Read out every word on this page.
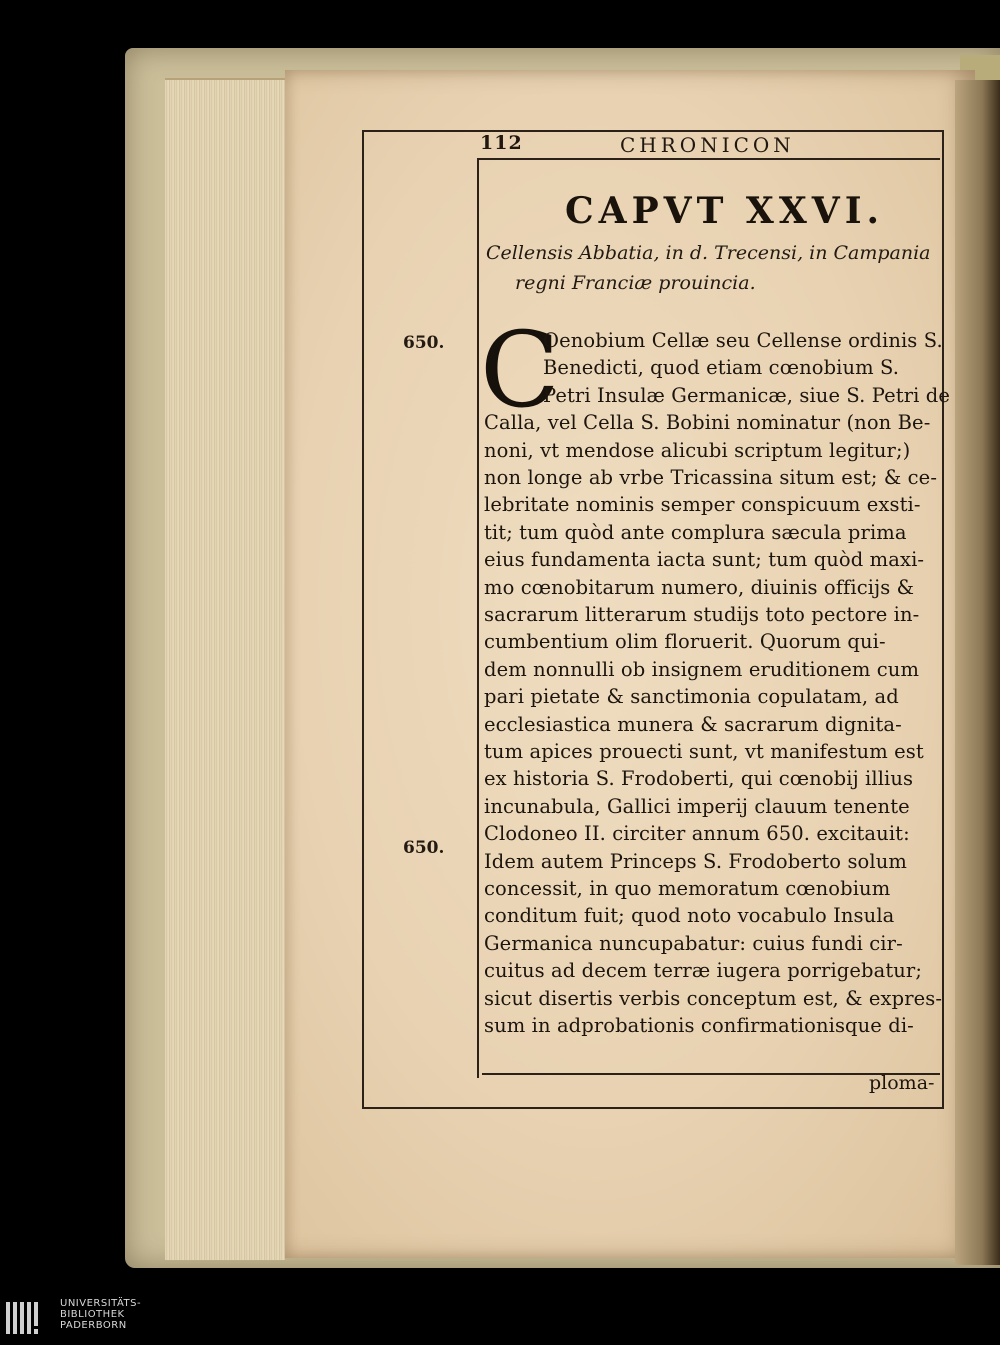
112	CHRONICON
CAPVT XXVI.
Cellensis Abbatia, in d. Trecensi, in Campania
regni Franciæ prouincia.
650.
650.
C
Oenobium Cellæ seu Cellense ordinis S.
Benedicti, quod etiam cœnobium S.
Petri Insulæ Germanicæ, siue S. Petri de
Calla, vel Cella S. Bobini nominatur (non Be-
noni, vt mendose alicubi scriptum legitur;)
non longe ab vrbe Tricassina situm est; & ce-
lebritate nominis semper conspicuum exsti-
tit; tum quòd ante complura sæcula prima
eius fundamenta iacta sunt; tum quòd maxi-
mo cœnobitarum numero, diuinis officijs &
sacrarum litterarum studijs toto pectore in-
cumbentium olim floruerit. Quorum qui-
dem nonnulli ob insignem eruditionem cum
pari pietate & sanctimonia copulatam, ad
ecclesiastica munera & sacrarum dignita-
tum apices prouecti sunt, vt manifestum est
ex historia S. Frodoberti, qui cœnobij illius
incunabula, Gallici imperij clauum tenente
Clodoneo II. circiter annum 650. excitauit:
Idem autem Princeps S. Frodoberto solum
concessit, in quo memoratum cœnobium
conditum fuit; quod noto vocabulo Insula
Germanica nuncupabatur: cuius fundi cir-
cuitus ad decem terræ iugera porrigebatur;
sicut disertis verbis conceptum est, & expres-
sum in adprobationis confirmationisque di-
ploma-
UNIVERSITÄTS-
BIBLIOTHEK
PADERBORN
